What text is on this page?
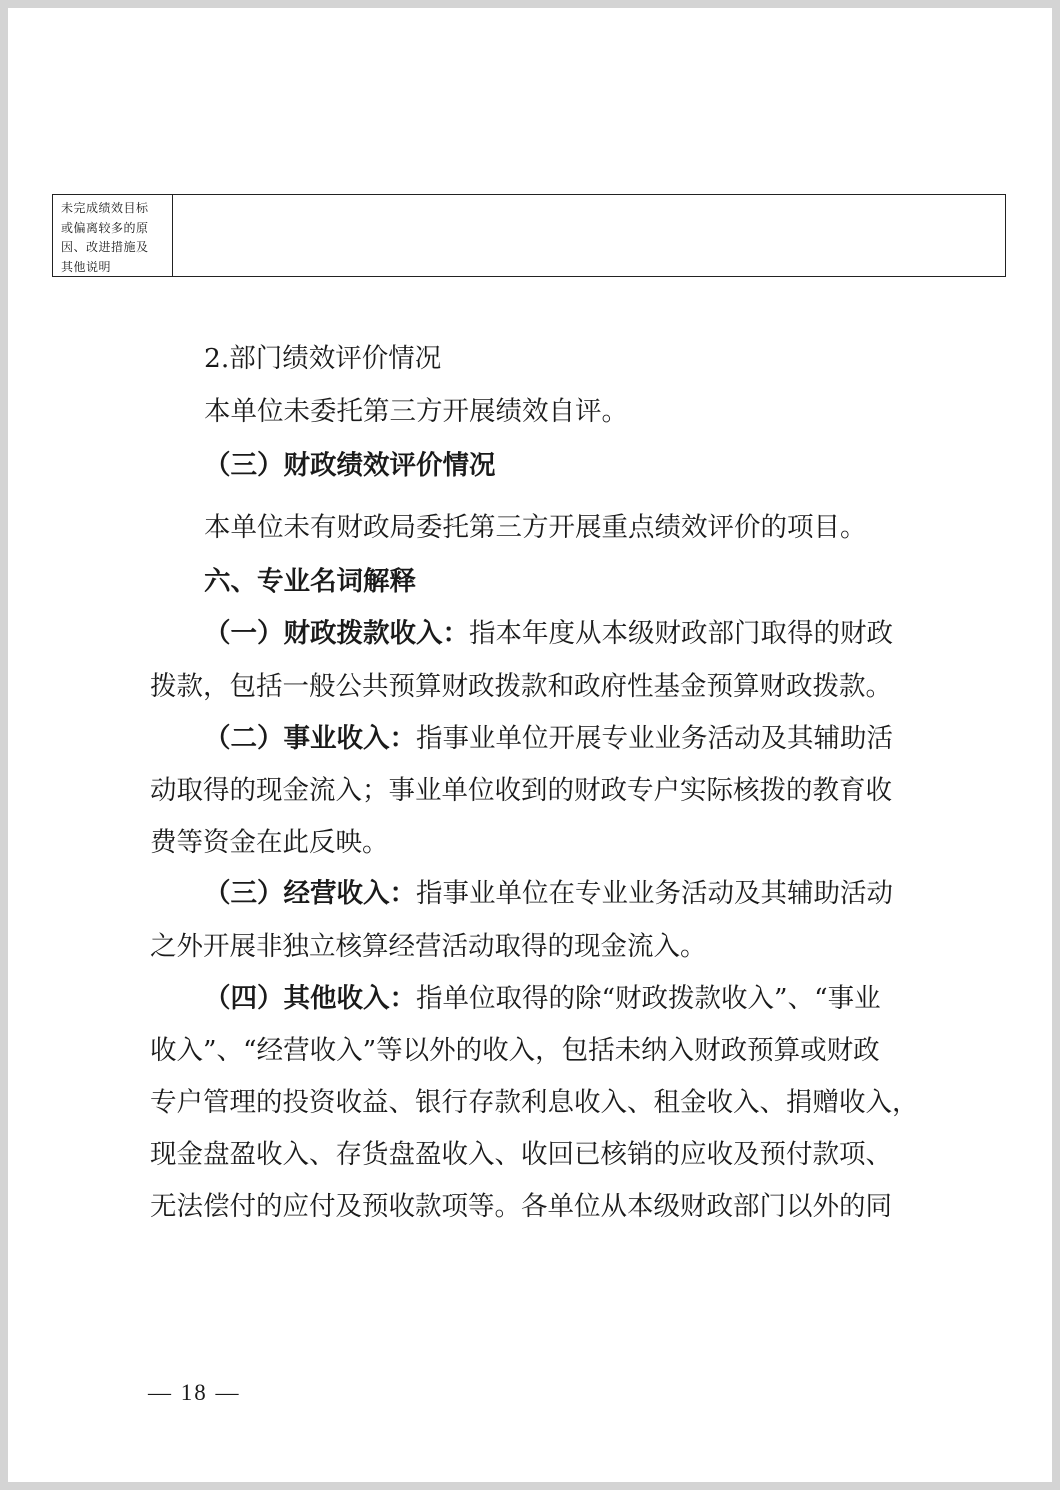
未完成绩效目标
或偏离较多的原
因、改进措施及
其他说明
2.部门绩效评价情况
本单位未委托第三方开展绩效自评。
（三）财政绩效评价情况
本单位未有财政局委托第三方开展重点绩效评价的项目。
六、专业名词解释
（一）财政拨款收入：指本年度从本级财政部门取得的财政
拨款，包括一般公共预算财政拨款和政府性基金预算财政拨款。
（二）事业收入：指事业单位开展专业业务活动及其辅助活
动取得的现金流入；事业单位收到的财政专户实际核拨的教育收
费等资金在此反映。
（三）经营收入：指事业单位在专业业务活动及其辅助活动
之外开展非独立核算经营活动取得的现金流入。
（四）其他收入：指单位取得的除“财政拨款收入”、“事业
收入”、“经营收入”等以外的收入，包括未纳入财政预算或财政
专户管理的投资收益、银行存款利息收入、租金收入、捐赠收入，
现金盘盈收入、存货盘盈收入、收回已核销的应收及预付款项、
无法偿付的应付及预收款项等。各单位从本级财政部门以外的同
— 18 —
